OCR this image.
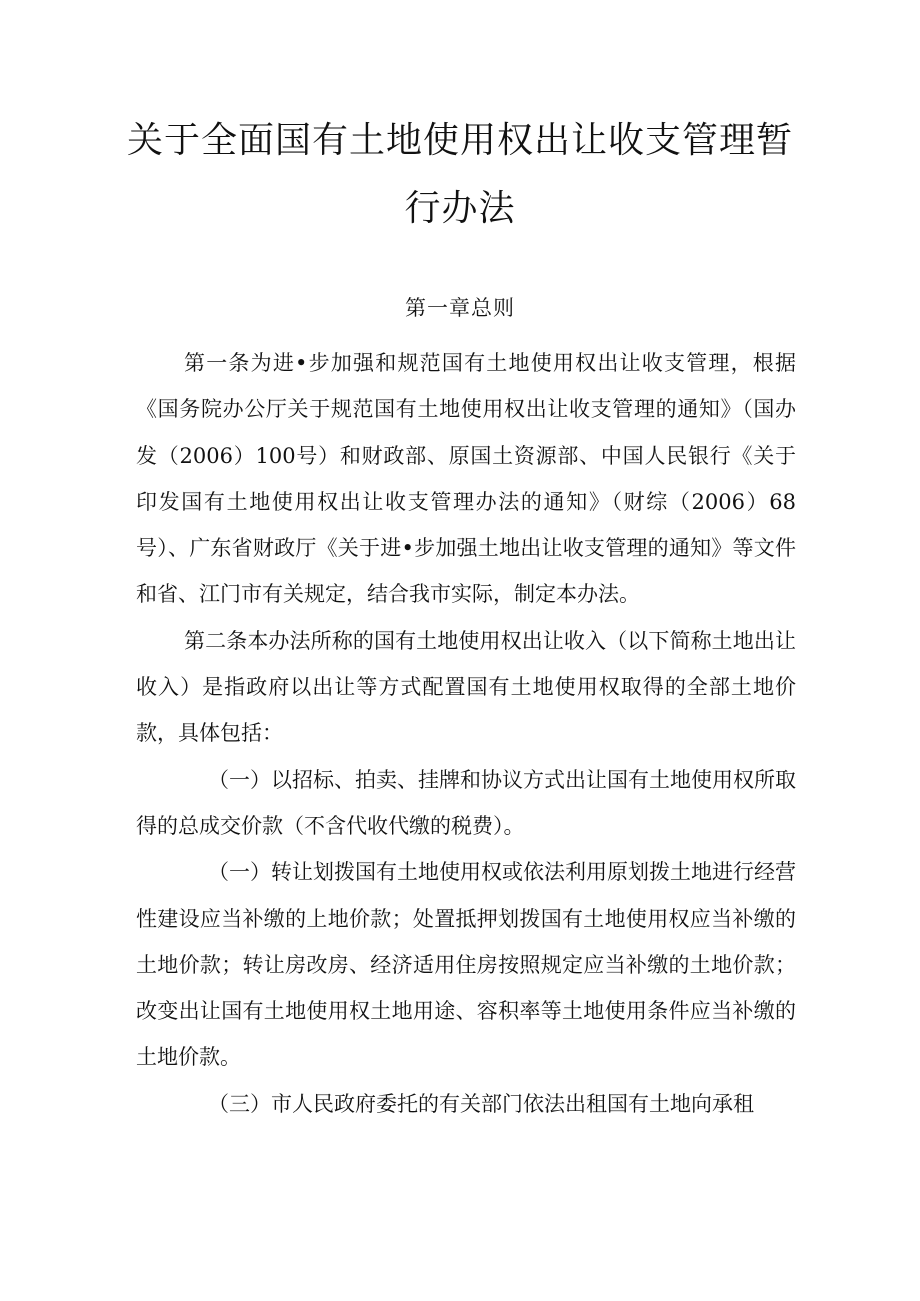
关于全面国有土地使用权出让收支管理暂
行办法
第一章总则

第一条为进•步加强和规范国有土地使用权出让收支管理，根据《国务院办公厅关于规范国有土地使用权出让收支管理的通知》（国办发（2006）100号）和财政部、原国土资源部、中国人民银行《关于印发国有土地使用权出让收支管理办法的通知》（财综（2006）68号）、广东省财政厅《关于进•步加强土地出让收支管理的通知》等文件和省、江门市有关规定，结合我市实际，制定本办法。

第二条本办法所称的国有土地使用权出让收入（以下简称土地出让收入）是指政府以出让等方式配置国有土地使用权取得的全部土地价款，具体包括：

（一）以招标、拍卖、挂牌和协议方式出让国有土地使用权所取得的总成交价款（不含代收代缴的税费）。

（一）转让划拨国有土地使用权或依法利用原划拨土地进行经营性建设应当补缴的上地价款；处置抵押划拨国有土地使用权应当补缴的土地价款；转让房改房、经济适用住房按照规定应当补缴的土地价款；改变出让国有土地使用权土地用途、容积率等土地使用条件应当补缴的土地价款。

（三）市人民政府委托的有关部门依法出租国有土地向承租
